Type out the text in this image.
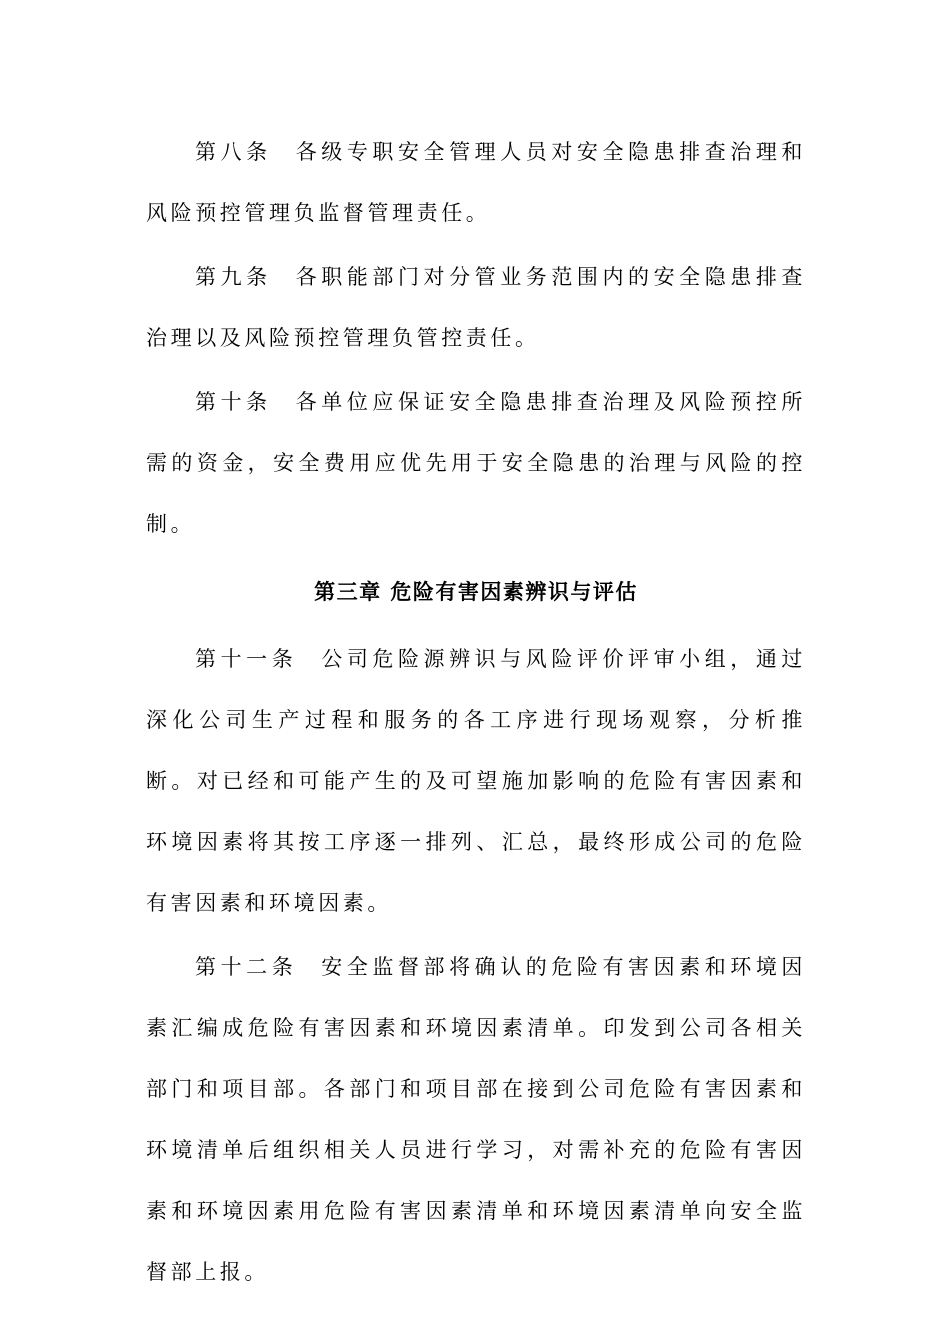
第八条 各级专职安全管理人员对安全隐患排查治理和风险预控管理负监督管理责任。

第九条 各职能部门对分管业务范围内的安全隐患排查治理以及风险预控管理负管控责任。

第十条 各单位应保证安全隐患排查治理及风险预控所需的资金，安全费用应优先用于安全隐患的治理与风险的控制。

第三章 危险有害因素辨识与评估

第十一条 公司危险源辨识与风险评价评审小组，通过深化公司生产过程和服务的各工序进行现场观察，分析推断。对已经和可能产生的及可望施加影响的危险有害因素和环境因素将其按工序逐一排列、汇总，最终形成公司的危险有害因素和环境因素。

第十二条 安全监督部将确认的危险有害因素和环境因素汇编成危险有害因素和环境因素清单。印发到公司各相关部门和项目部。各部门和项目部在接到公司危险有害因素和环境清单后组织相关人员进行学习，对需补充的危险有害因素和环境因素用危险有害因素清单和环境因素清单向安全监督部上报。
